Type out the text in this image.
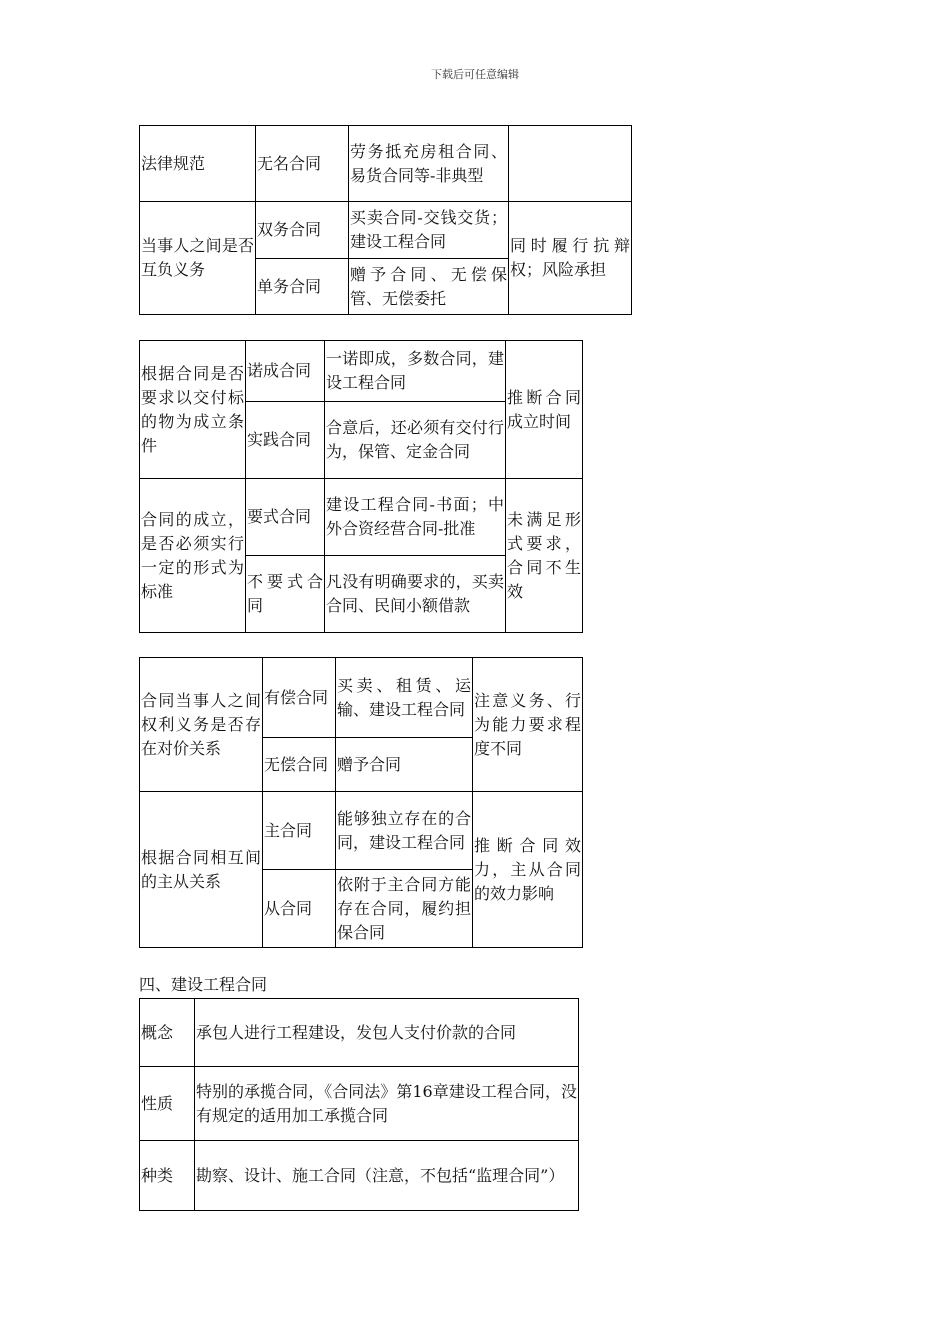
下载后可任意编辑
法律规范	无名合同	劳务抵充房租合同、易货合同等-非典型	
当事人之间是否互负义务	双务合同	买卖合同-交钱交货；建设工程合同	同时履行抗辩权；风险承担
	单务合同	赠予合同、无偿保管、无偿委托	
根据合同是否要求以交付标的物为成立条件	诺成合同	一诺即成，多数合同，建设工程合同	推断合同成立时间
	实践合同	合意后，还必须有交付行为，保管、定金合同	
合同的成立，是否必须实行一定的形式为标准	要式合同	建设工程合同-书面；中外合资经营合同-批准	未满足形式要求，合同不生效
	不要式合同	凡没有明确要求的，买卖合同、民间小额借款	
合同当事人之间权利义务是否存在对价关系	有偿合同	买卖、租赁、运输、建设工程合同	注意义务、行为能力要求程度不同
	无偿合同	赠予合同	
根据合同相互间的主从关系	主合同	能够独立存在的合同，建设工程合同	推断合同效力，主从合同的效力影响
	从合同	依附于主合同方能存在合同，履约担保合同	
四、建设工程合同
概念	承包人进行工程建设，发包人支付价款的合同
性质	特别的承揽合同，《合同法》第16章建设工程合同，没有规定的适用加工承揽合同
种类	勘察、设计、施工合同（注意，不包括“监理合同”）
